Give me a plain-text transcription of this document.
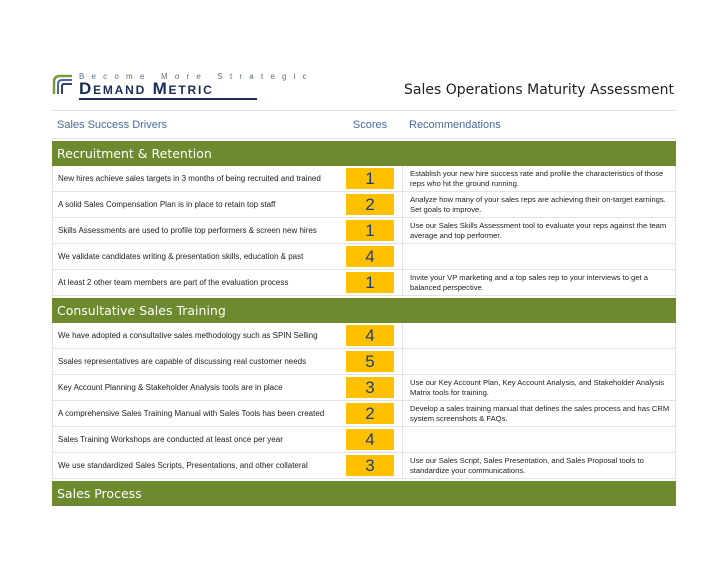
Become More Strategic
Demand Metric	Sales Operations Maturity Assessment
Sales Success Drivers	Scores	Recommendations
Recruitment & Retention
New hires achieve sales targets in 3 months of being recruited and trained	1	Establish your new hire success rate and profile the characteristics of those reps who hit the ground running.
A solid Sales Compensation Plan is in place to retain top staff	2	Analyze how many of your sales reps are achieving their on-target earnings. Set goals to improve.
Skills Assessments are used to profile top performers & screen new hires	1	Use our Sales Skills Assessment tool to evaluate your reps against the team average and top performer.
We validate candidates writing & presentation skills, education & past	4
At least 2 other team members are part of the evaluation process	1	Invite your VP marketing and a top sales rep to your interviews to get a balanced perspective.
Consultative Sales Training
We have adopted a consultative sales methodology such as SPIN Selling	4
Ssales representatives are capable of discussing real customer needs	5
Key Account Planning & Stakeholder Analysis tools are in place	3	Use our Key Account Plan, Key Account Analysis, and Stakeholder Analysis Matrix tools for training.
A comprehensive Sales Training Manual with Sales Tools has been created	2	Develop a sales training manual that defines the sales process and has CRM system screenshots & FAQs.
Sales Training Workshops are conducted at least once per year	4
We use standardized Sales Scripts, Presentations, and other collateral	3	Use our Sales Script, Sales Presentation, and Sales Proposal tools to standardize your communications.
Sales Process
